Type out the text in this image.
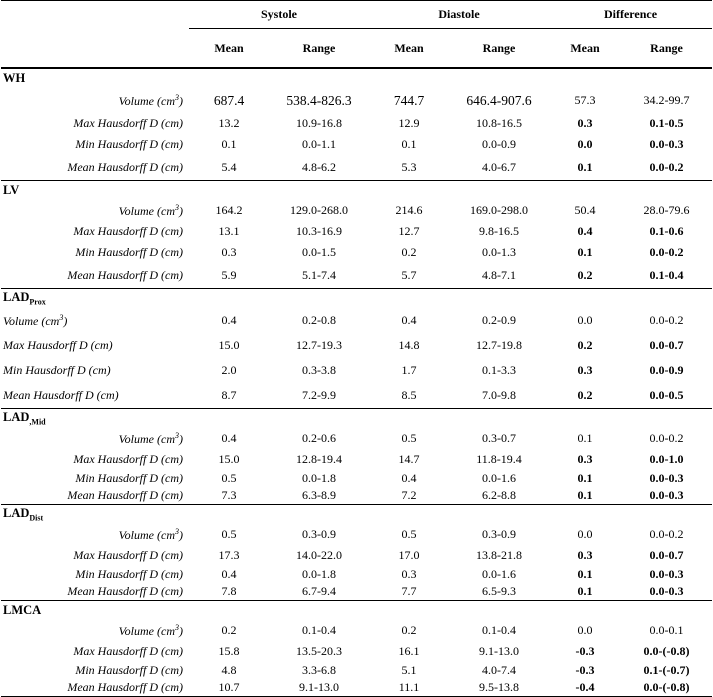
	Systole		Diastole		Difference	
	Mean	Range	Mean	Range	Mean	Range
WH						
Volume $(cm^3)$	687.4	538.4-826.3	744.7	646.4-907.6	57.3	34.2-99.7
Max Hausdorff D (cm)	13.2	10.9-16.8	12.9	10.8-16.5	0.3	0.1-0.5
Min Hausdorff D (cm)	0.1	0.0-1.1	0.1	0.0-0.9	0.0	0.0-0.3
Mean Hausdorff D (cm)	5.4	4.8-6.2	5.3	4.0-6.7	0.1	0.0-0.2
LV						
Volume $(cm^3)$	164.2	129.0-268.0	214.6	169.0-298.0	50.4	28.0-79.6
Max Hausdorff D (cm)	13.1	10.3-16.9	12.7	9.8-16.5	0.4	0.1-0.6
Min Hausdorff D (cm)	0.3	0.0-1.5	0.2	0.0-1.3	0.1	0.0-0.2
Mean Hausdorff D (cm)	5.9	5.1-7.4	5.7	4.8-7.1	0.2	0.1-0.4
$LAD_{Prox}$
Volume $(cm^3)$	0.4	0.2-0.8	0.4	0.2-0.9	0.0	0.0-0.2
Max Hausdorff D (cm)	15.0	12.7-19.3	14.8	12.7-19.8	0.2	0.0-0.7
Min Hausdorff D (cm)	2.0	0.3-3.8	1.7	0.1-3.3	0.3	0.0-0.9
Mean Hausdorff D (cm)	8.7	7.2-9.9	8.5	7.0-9.8	0.2	0.0-0.5
$LAD_{,Mid}$
Volume $(cm^3)$	0.4	0.2-0.6	0.5	0.3-0.7	0.1	0.0-0.2
Max Hausdorff D (cm)	15.0	12.8-19.4	14.7	11.8-19.4	0.3	0.0-1.0
Min Hausdorff D (cm)	0.5	0.0-1.8	0.4	0.0-1.6	0.1	0.0-0.3
Mean Hausdorff D (cm)	7.3	6.3-8.9	7.2	6.2-8.8	0.1	0.0-0.3
$LAD_{Dist}$
Volume $(cm^3)$	0.5	0.3-0.9	0.5	0.3-0.9	0.0	0.0-0.2
Max Hausdorff D (cm)	17.3	14.0-22.0	17.0	13.8-21.8	0.3	0.0-0.7
Min Hausdorff D (cm)	0.4	0.0-1.8	0.3	0.0-1.6	0.1	0.0-0.3
Mean Hausdorff D (cm)	7.8	6.7-9.4	7.7	6.5-9.3	0.1	0.0-0.3
LMCA						
Volume $(cm^3)$	0.2	0.1-0.4	0.2	0.1-0.4	0.0	0.0-0.1
Max Hausdorff D (cm)	15.8	13.5-20.3	16.1	9.1-13.0	-0.3	0.0-(-0.8)
Min Hausdorff D (cm)	4.8	3.3-6.8	5.1	4.0-7.4	-0.3	0.1-(-0.7)
Mean Hausdorff D (cm)	10.7	9.1-13.0	11.1	9.5-13.8	-0.4	0.0-(-0.8)
